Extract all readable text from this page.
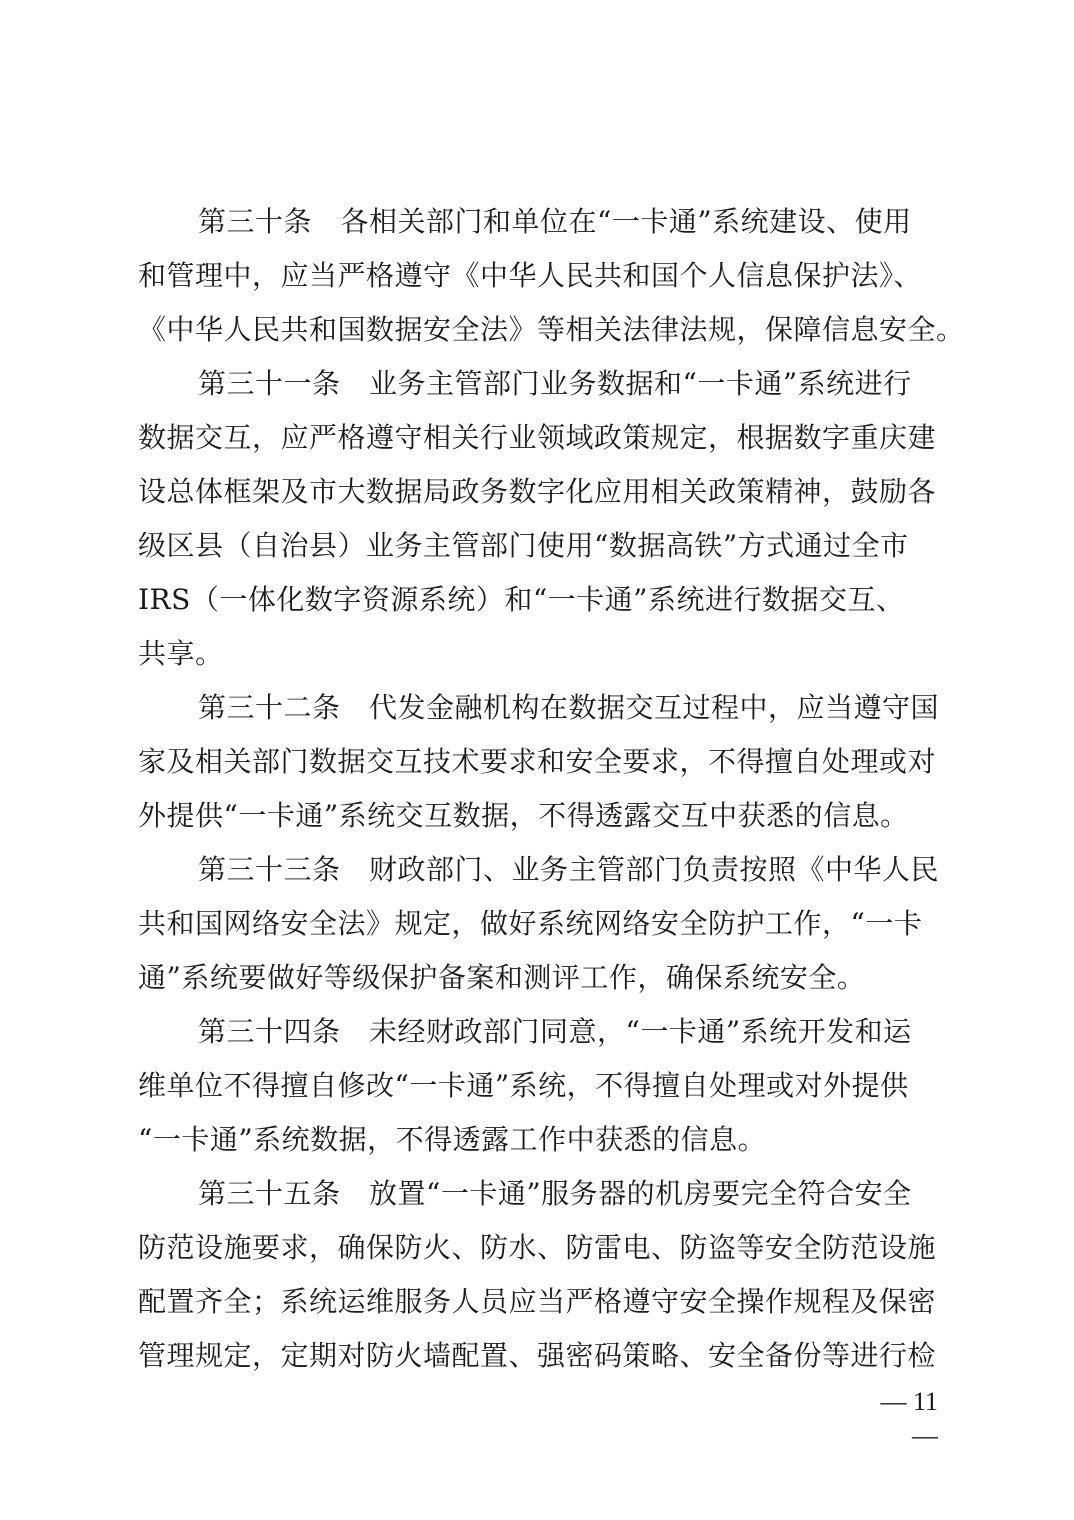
第三十条　各相关部门和单位在“一卡通”系统建设、使用
和管理中，应当严格遵守《中华人民共和国个人信息保护法》、
《中华人民共和国数据安全法》等相关法律法规，保障信息安全。
第三十一条　业务主管部门业务数据和“一卡通”系统进行
数据交互，应严格遵守相关行业领域政策规定，根据数字重庆建
设总体框架及市大数据局政务数字化应用相关政策精神，鼓励各
级区县（自治县）业务主管部门使用“数据高铁”方式通过全市
IRS（一体化数字资源系统）和“一卡通”系统进行数据交互、
共享。
第三十二条　代发金融机构在数据交互过程中，应当遵守国
家及相关部门数据交互技术要求和安全要求，不得擅自处理或对
外提供“一卡通”系统交互数据，不得透露交互中获悉的信息。
第三十三条　财政部门、业务主管部门负责按照《中华人民
共和国网络安全法》规定，做好系统网络安全防护工作，“一卡
通”系统要做好等级保护备案和测评工作，确保系统安全。
第三十四条　未经财政部门同意，“一卡通”系统开发和运
维单位不得擅自修改“一卡通”系统，不得擅自处理或对外提供
“一卡通”系统数据，不得透露工作中获悉的信息。
第三十五条　放置“一卡通”服务器的机房要完全符合安全
防范设施要求，确保防火、防水、防雷电、防盗等安全防范设施
配置齐全；系统运维服务人员应当严格遵守安全操作规程及保密
管理规定，定期对防火墙配置、强密码策略、安全备份等进行检
— 11 —
